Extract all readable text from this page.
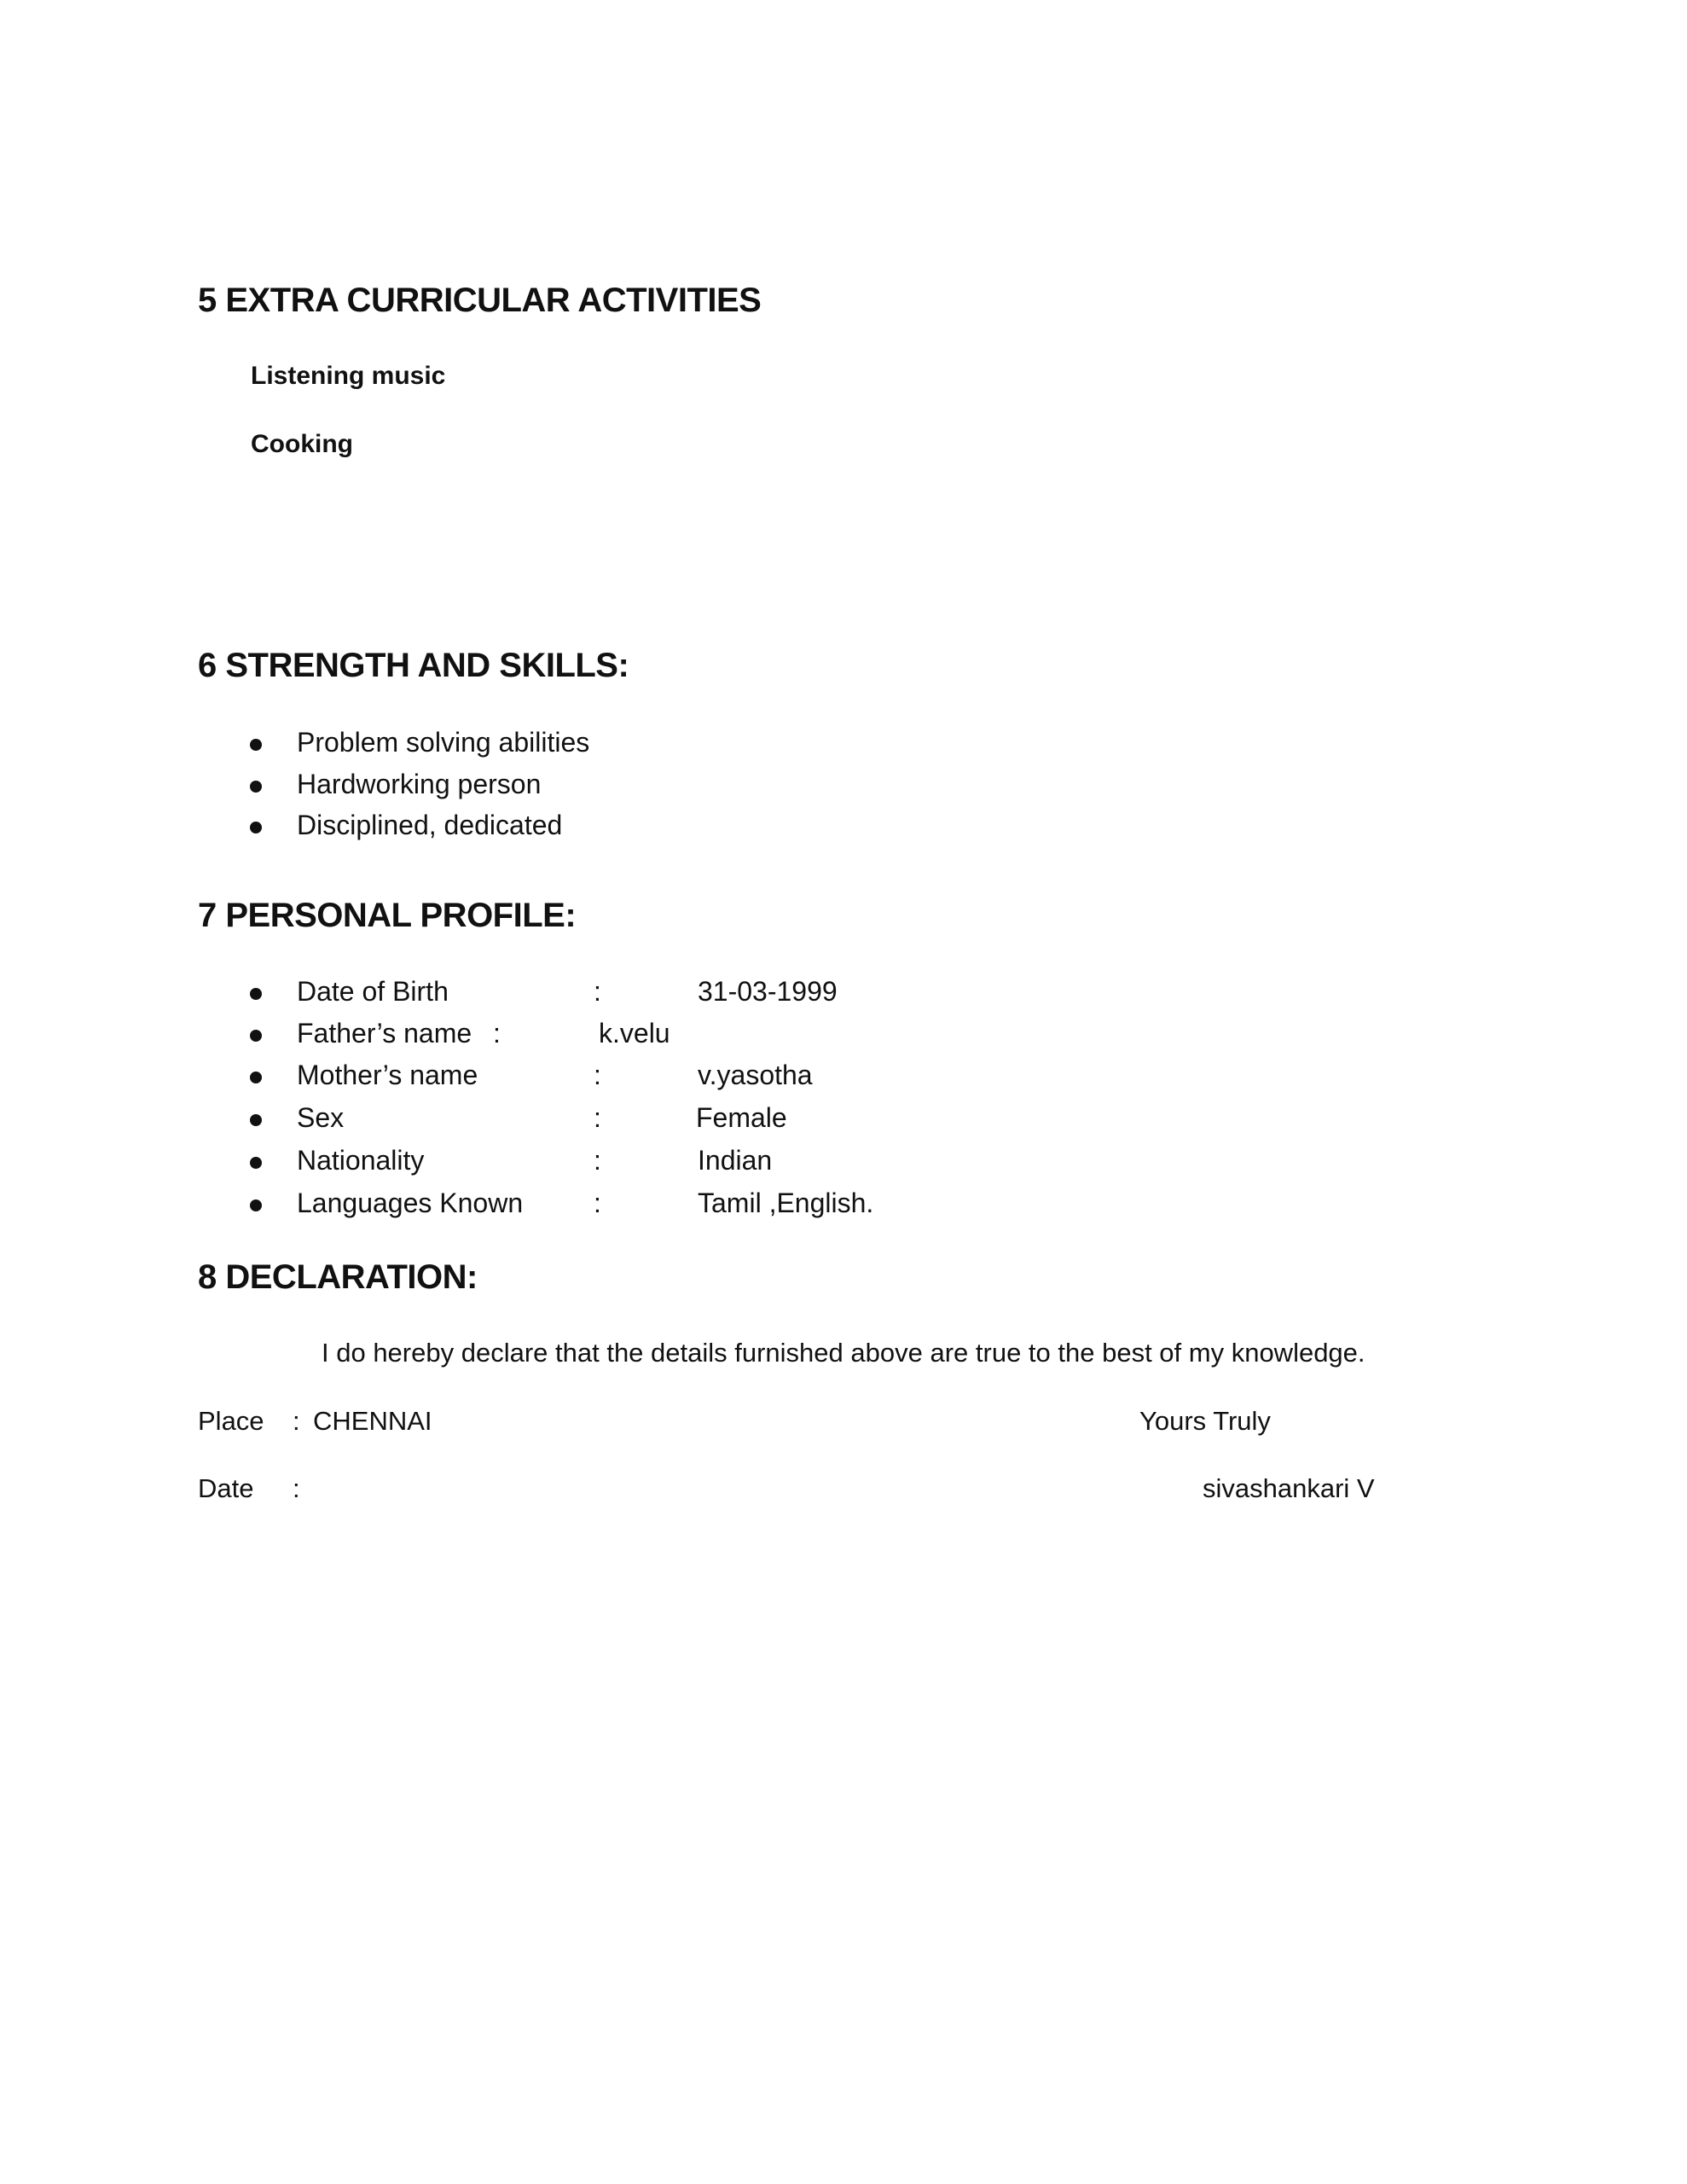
5 EXTRA CURRICULAR ACTIVITIES
Listening music
Cooking
6 STRENGTH AND SKILLS:
Problem solving abilities
Hardworking person
Disciplined, dedicated
7 PERSONAL PROFILE:
Date of Birth	:	31-03-1999
Father’s name :	k.velu
Mother’s name	:	v.yasotha
Sex	:	Female
Nationality	:	Indian
Languages Known	:	Tamil ,English.
8 DECLARATION:
I do hereby declare that the details furnished above are true to the best of my knowledge.
Place : CHENNAI	Yours Truly
Date :	sivashankari V
